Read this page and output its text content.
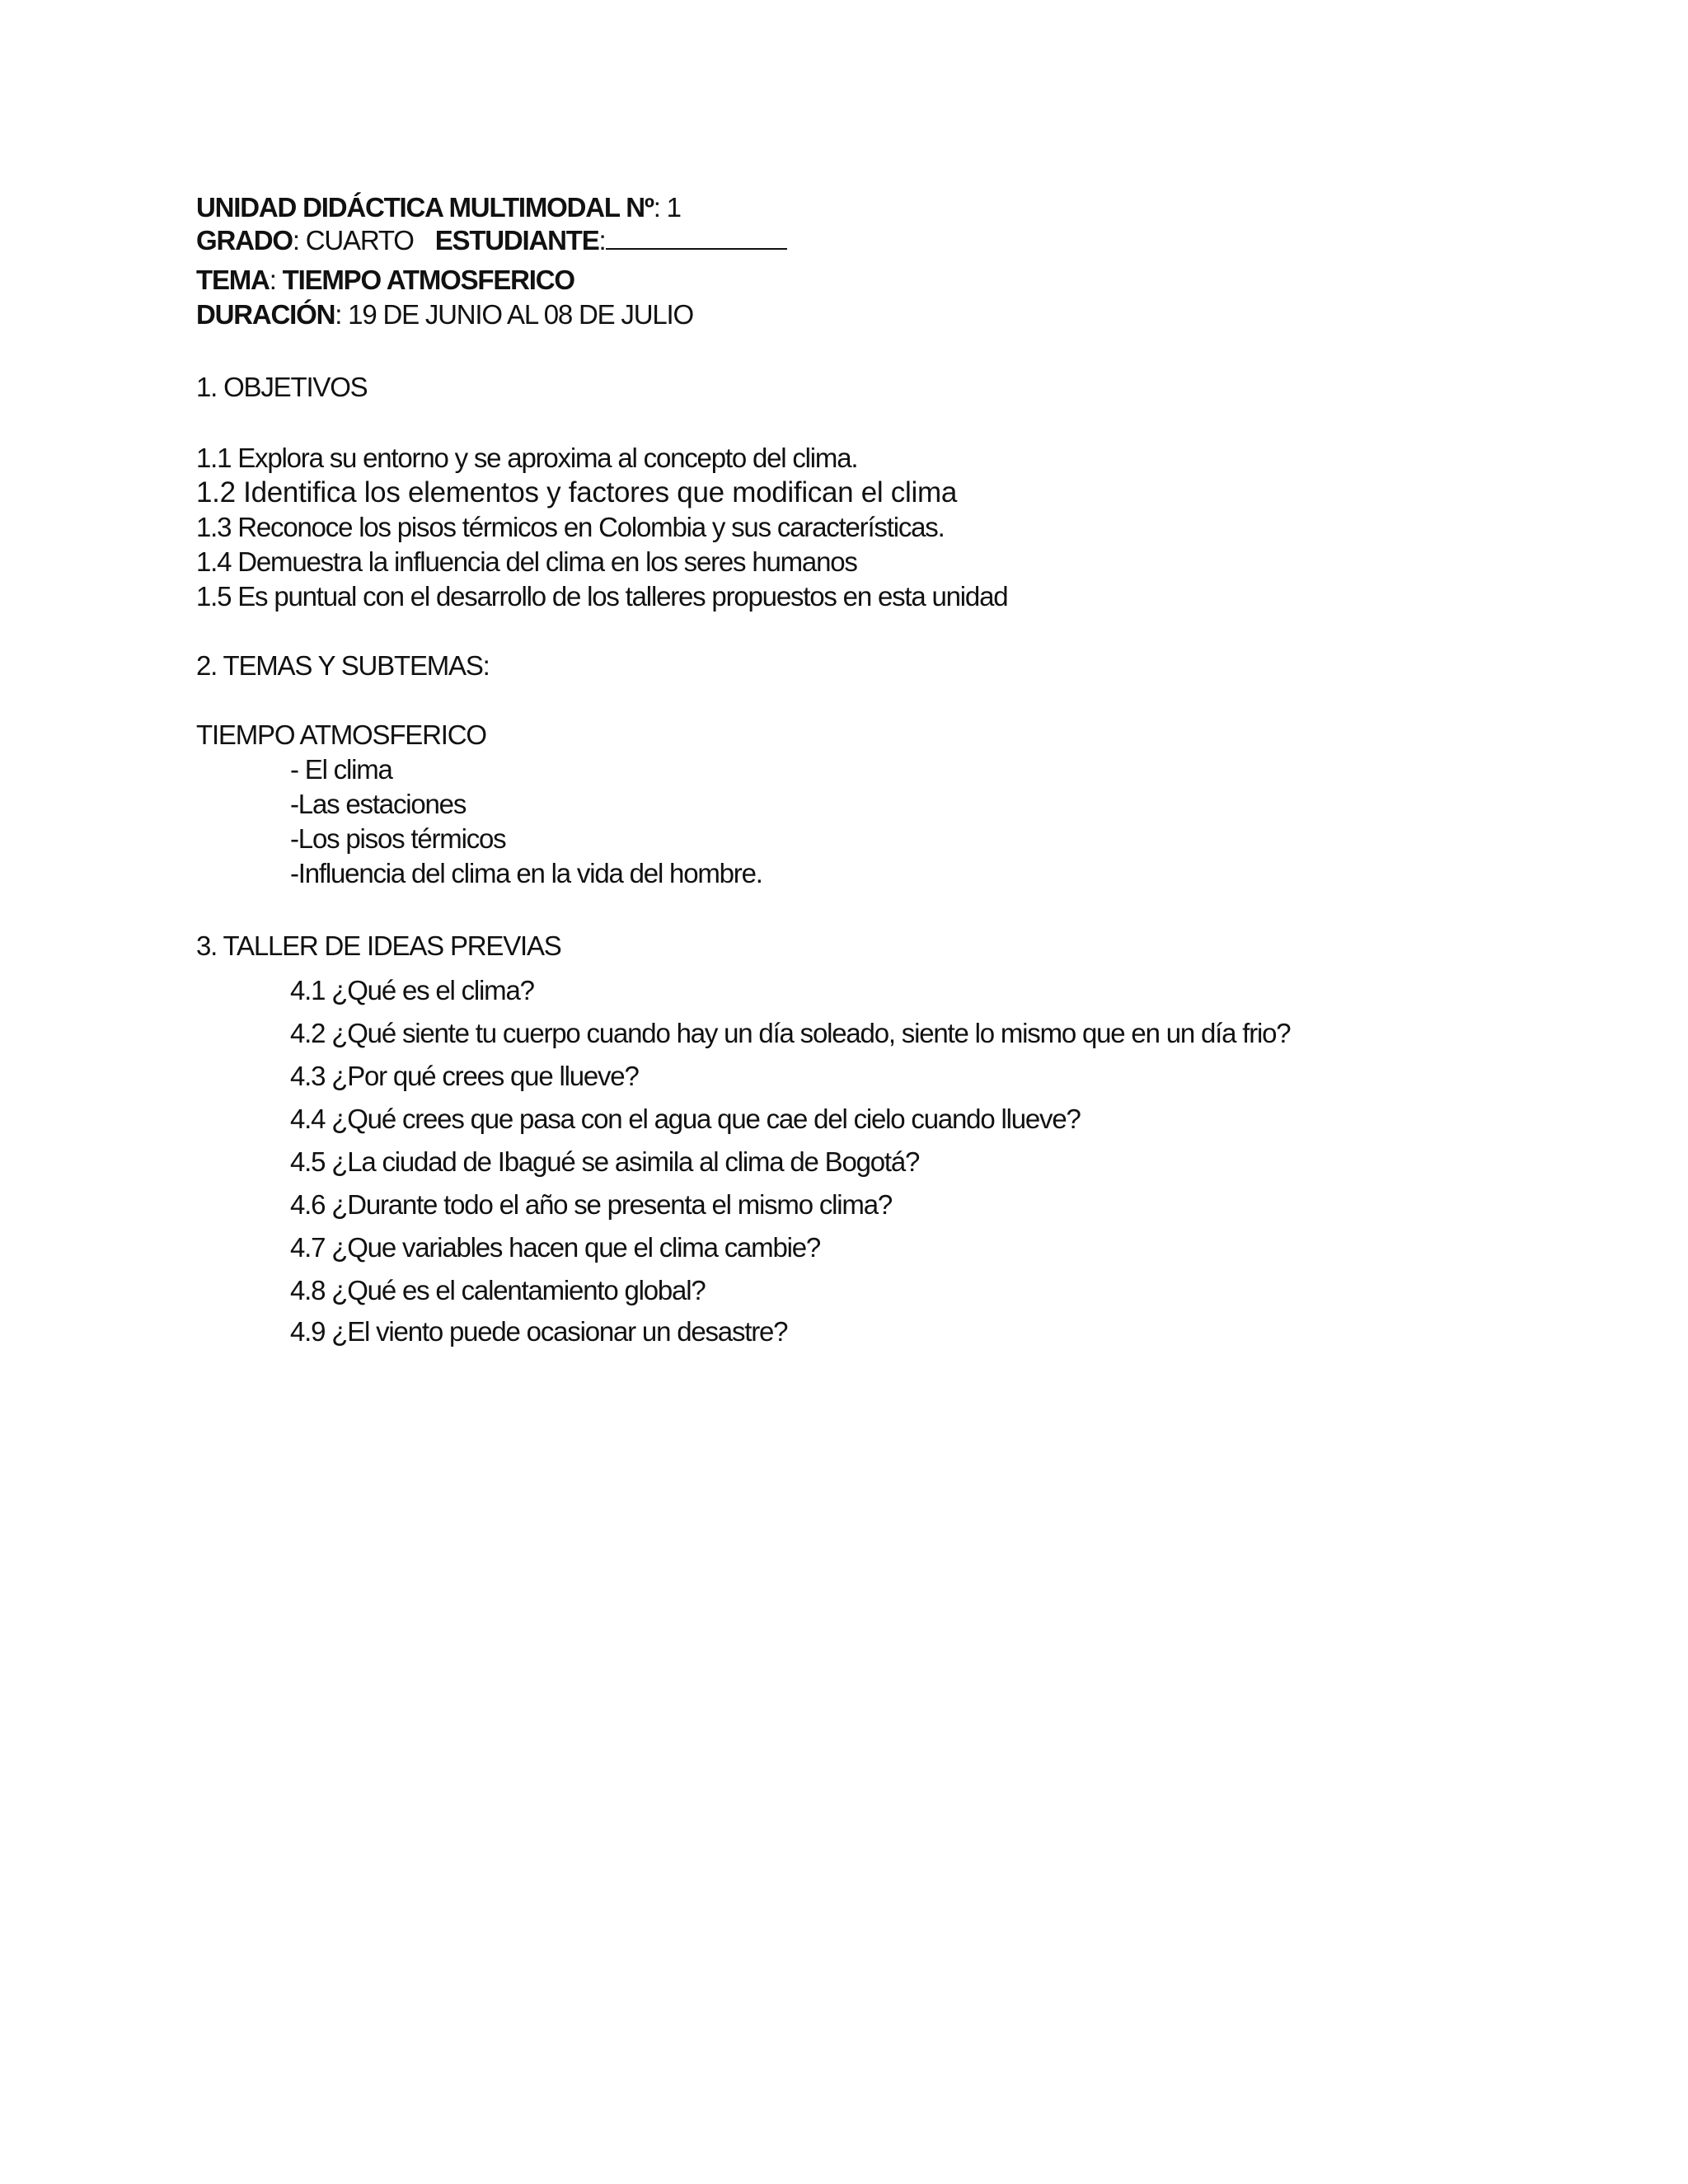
UNIDAD DIDÁCTICA MULTIMODAL Nº: 1
GRADO: CUARTO ESTUDIANTE:
TEMA: TIEMPO ATMOSFERICO
DURACIÓN: 19 DE JUNIO AL 08 DE JULIO
1. OBJETIVOS
1.1 Explora su entorno y se aproxima al concepto del clima.
1.2 Identifica los elementos y factores que modifican el clima
1.3 Reconoce los pisos térmicos en Colombia y sus características.
1.4 Demuestra la influencia del clima en los seres humanos
1.5 Es puntual con el desarrollo de los talleres propuestos en esta unidad
2. TEMAS Y SUBTEMAS:
TIEMPO ATMOSFERICO
- El clima
-Las estaciones
-Los pisos térmicos
-Influencia del clima en la vida del hombre.
3. TALLER DE IDEAS PREVIAS
4.1 ¿Qué es el clima?
4.2 ¿Qué siente tu cuerpo cuando hay un día soleado, siente lo mismo que en un día frio?
4.3 ¿Por qué crees que llueve?
4.4 ¿Qué crees que pasa con el agua que cae del cielo cuando llueve?
4.5 ¿La ciudad de Ibagué se asimila al clima de Bogotá?
4.6 ¿Durante todo el año se presenta el mismo clima?
4.7 ¿Que variables hacen que el clima cambie?
4.8 ¿Qué es el calentamiento global?
4.9 ¿El viento puede ocasionar un desastre?
